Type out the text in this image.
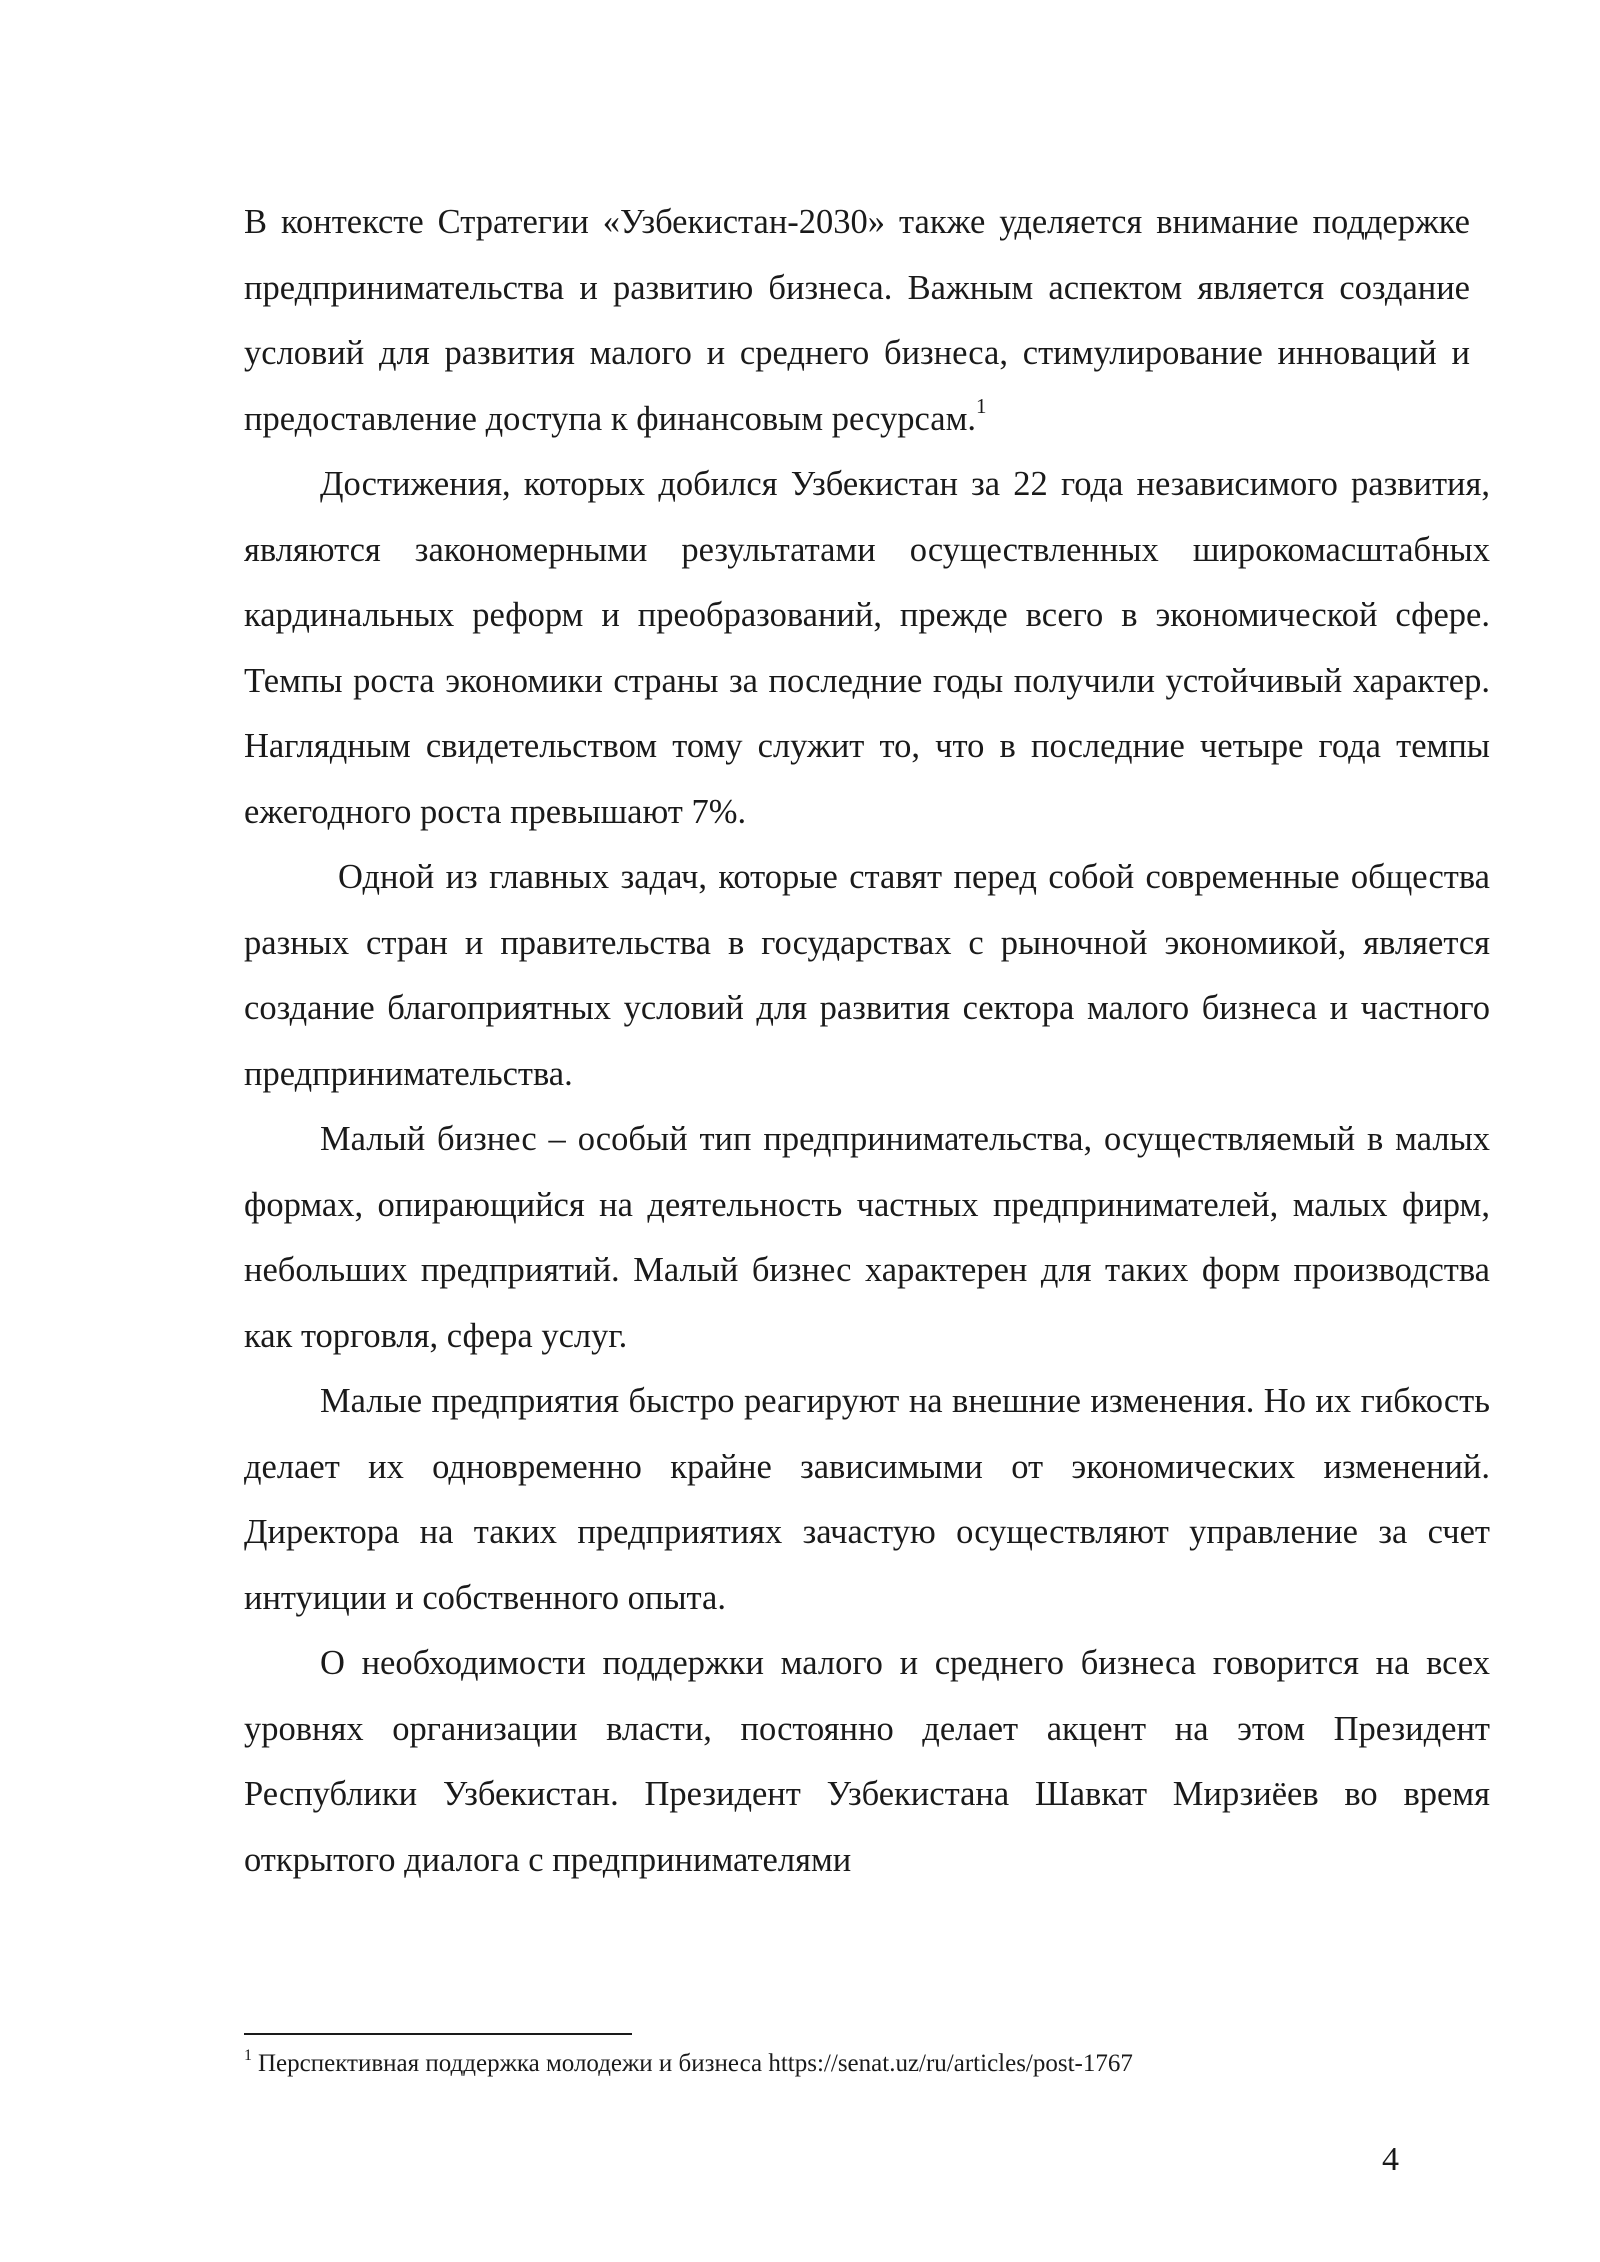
В контексте Стратегии «Узбекистан-2030» также уделяется внимание поддержке предпринимательства и развитию бизнеса. Важным аспектом является создание условий для развития малого и среднего бизнеса, стимулирование инноваций и предоставление доступа к финансовым ресурсам.$^1$

Достижения, которых добился Узбекистан за 22 года независимого развития, являются закономерными результатами осуществленных широкомасштабных кардинальных реформ и преобразований, прежде всего в экономической сфере. Темпы роста экономики страны за последние годы получили устойчивый характер. Наглядным свидетельством тому служит то, что в последние четыре года темпы ежегодного роста превышают 7%.

Одной из главных задач, которые ставят перед собой современные общества разных стран и правительства в государствах с рыночной экономикой, является создание благоприятных условий для развития сектора малого бизнеса и частного предпринимательства.

Малый бизнес – особый тип предпринимательства, осуществляемый в малых формах, опирающийся на деятельность частных предпринимателей, малых фирм, небольших предприятий. Малый бизнес характерен для таких форм производства как торговля, сфера услуг.

Малые предприятия быстро реагируют на внешние изменения. Но их гибкость делает их одновременно крайне зависимыми от экономических изменений. Директора на таких предприятиях зачастую осуществляют управление за счет интуиции и собственного опыта.

О необходимости поддержки малого и среднего бизнеса говорится на всех уровнях организации власти, постоянно делает акцент на этом Президент Республики Узбекистан. Президент Узбекистана Шавкат Мирзиёев во время открытого диалога с предпринимателями

$^1$ Перспективная поддержка молодежи и бизнеса https://senat.uz/ru/articles/post-1767
4
